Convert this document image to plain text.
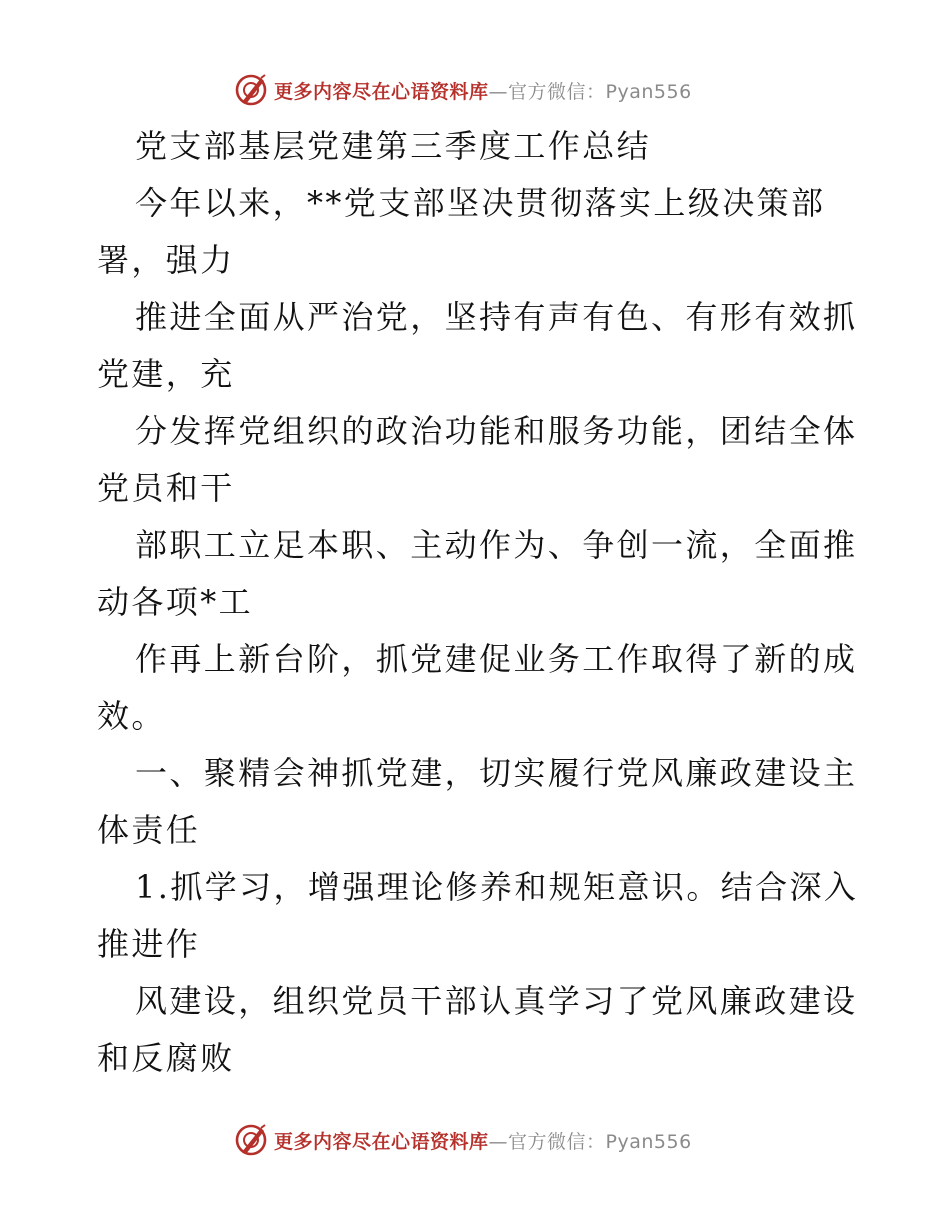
更多内容尽在心语资料库—官方微信：Pyan556
党支部基层党建第三季度工作总结
今年以来，**党支部坚决贯彻落实上级决策部
署，强力
推进全面从严治党，坚持有声有色、有形有效抓
党建，充
分发挥党组织的政治功能和服务功能，团结全体
党员和干
部职工立足本职、主动作为、争创一流，全面推
动各项*工
作再上新台阶，抓党建促业务工作取得了新的成
效。
一、聚精会神抓党建，切实履行党风廉政建设主
体责任
1.抓学习，增强理论修养和规矩意识。结合深入
推进作
风建设，组织党员干部认真学习了党风廉政建设
和反腐败
更多内容尽在心语资料库—官方微信：Pyan556
